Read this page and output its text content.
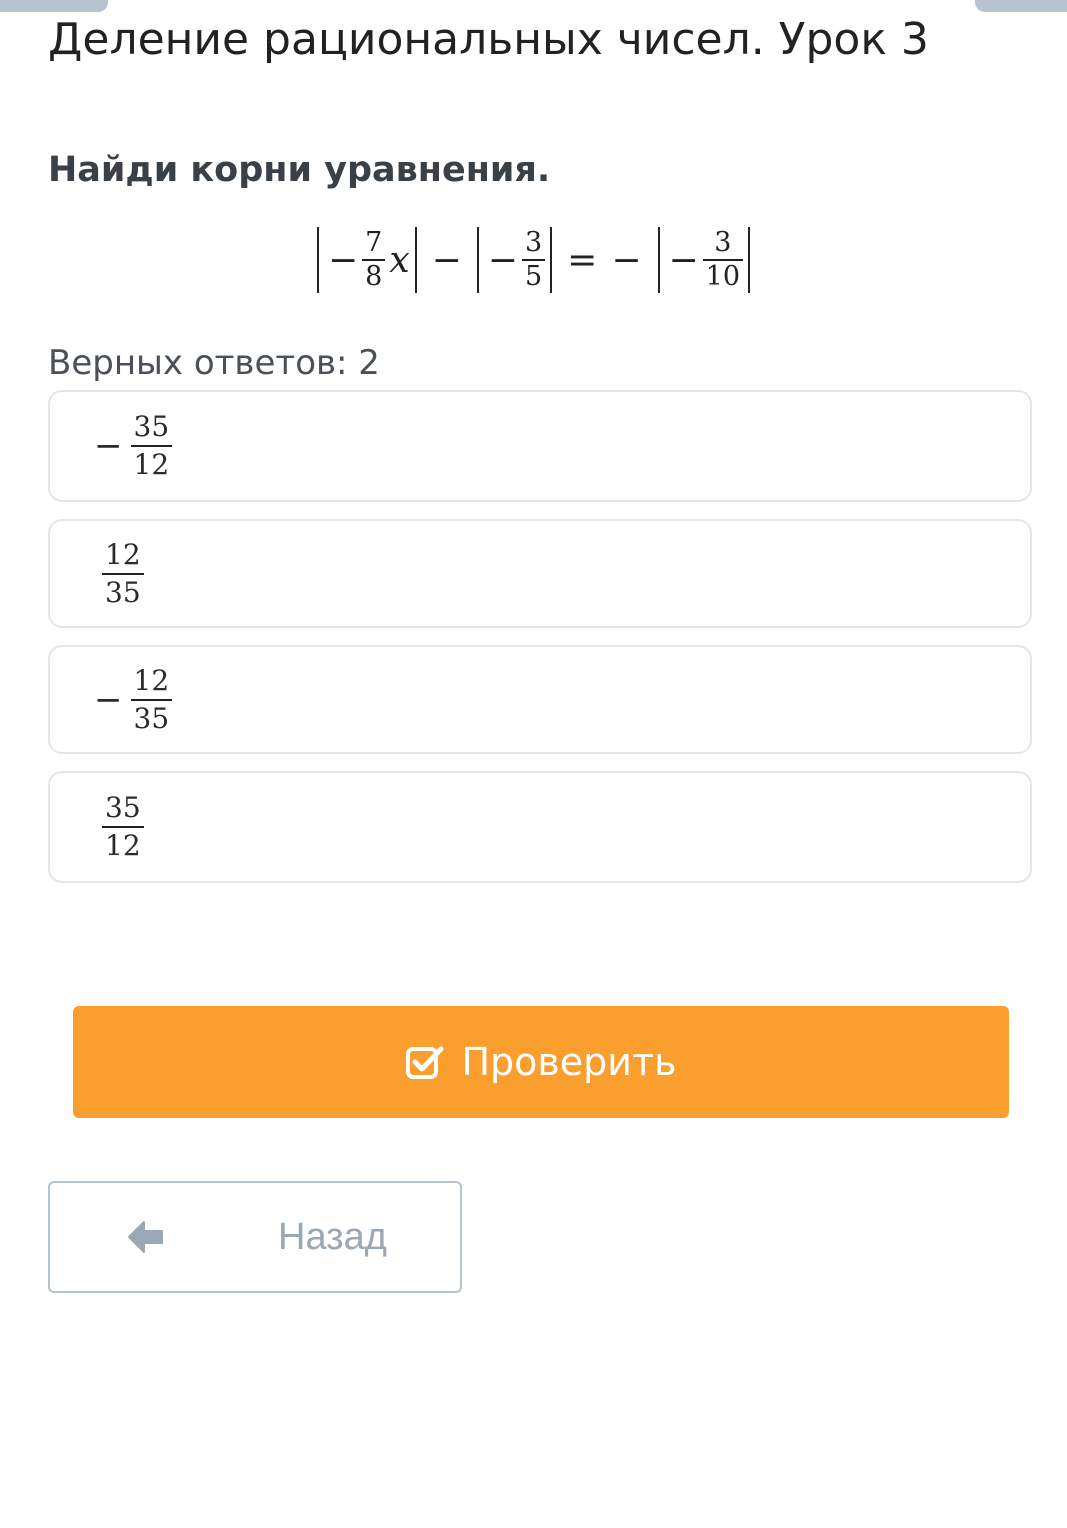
Деление рациональных чисел. Урок 3
Найди корни уравнения.
− $\frac{7}{8}$ x − − $\frac{3}{5}$ = − − $\frac{3}{10}$
Верных ответов: 2
− $\frac{35}{12}$
$\frac{12}{35}$
− $\frac{12}{35}$
$\frac{35}{12}$
Проверить
Назад
